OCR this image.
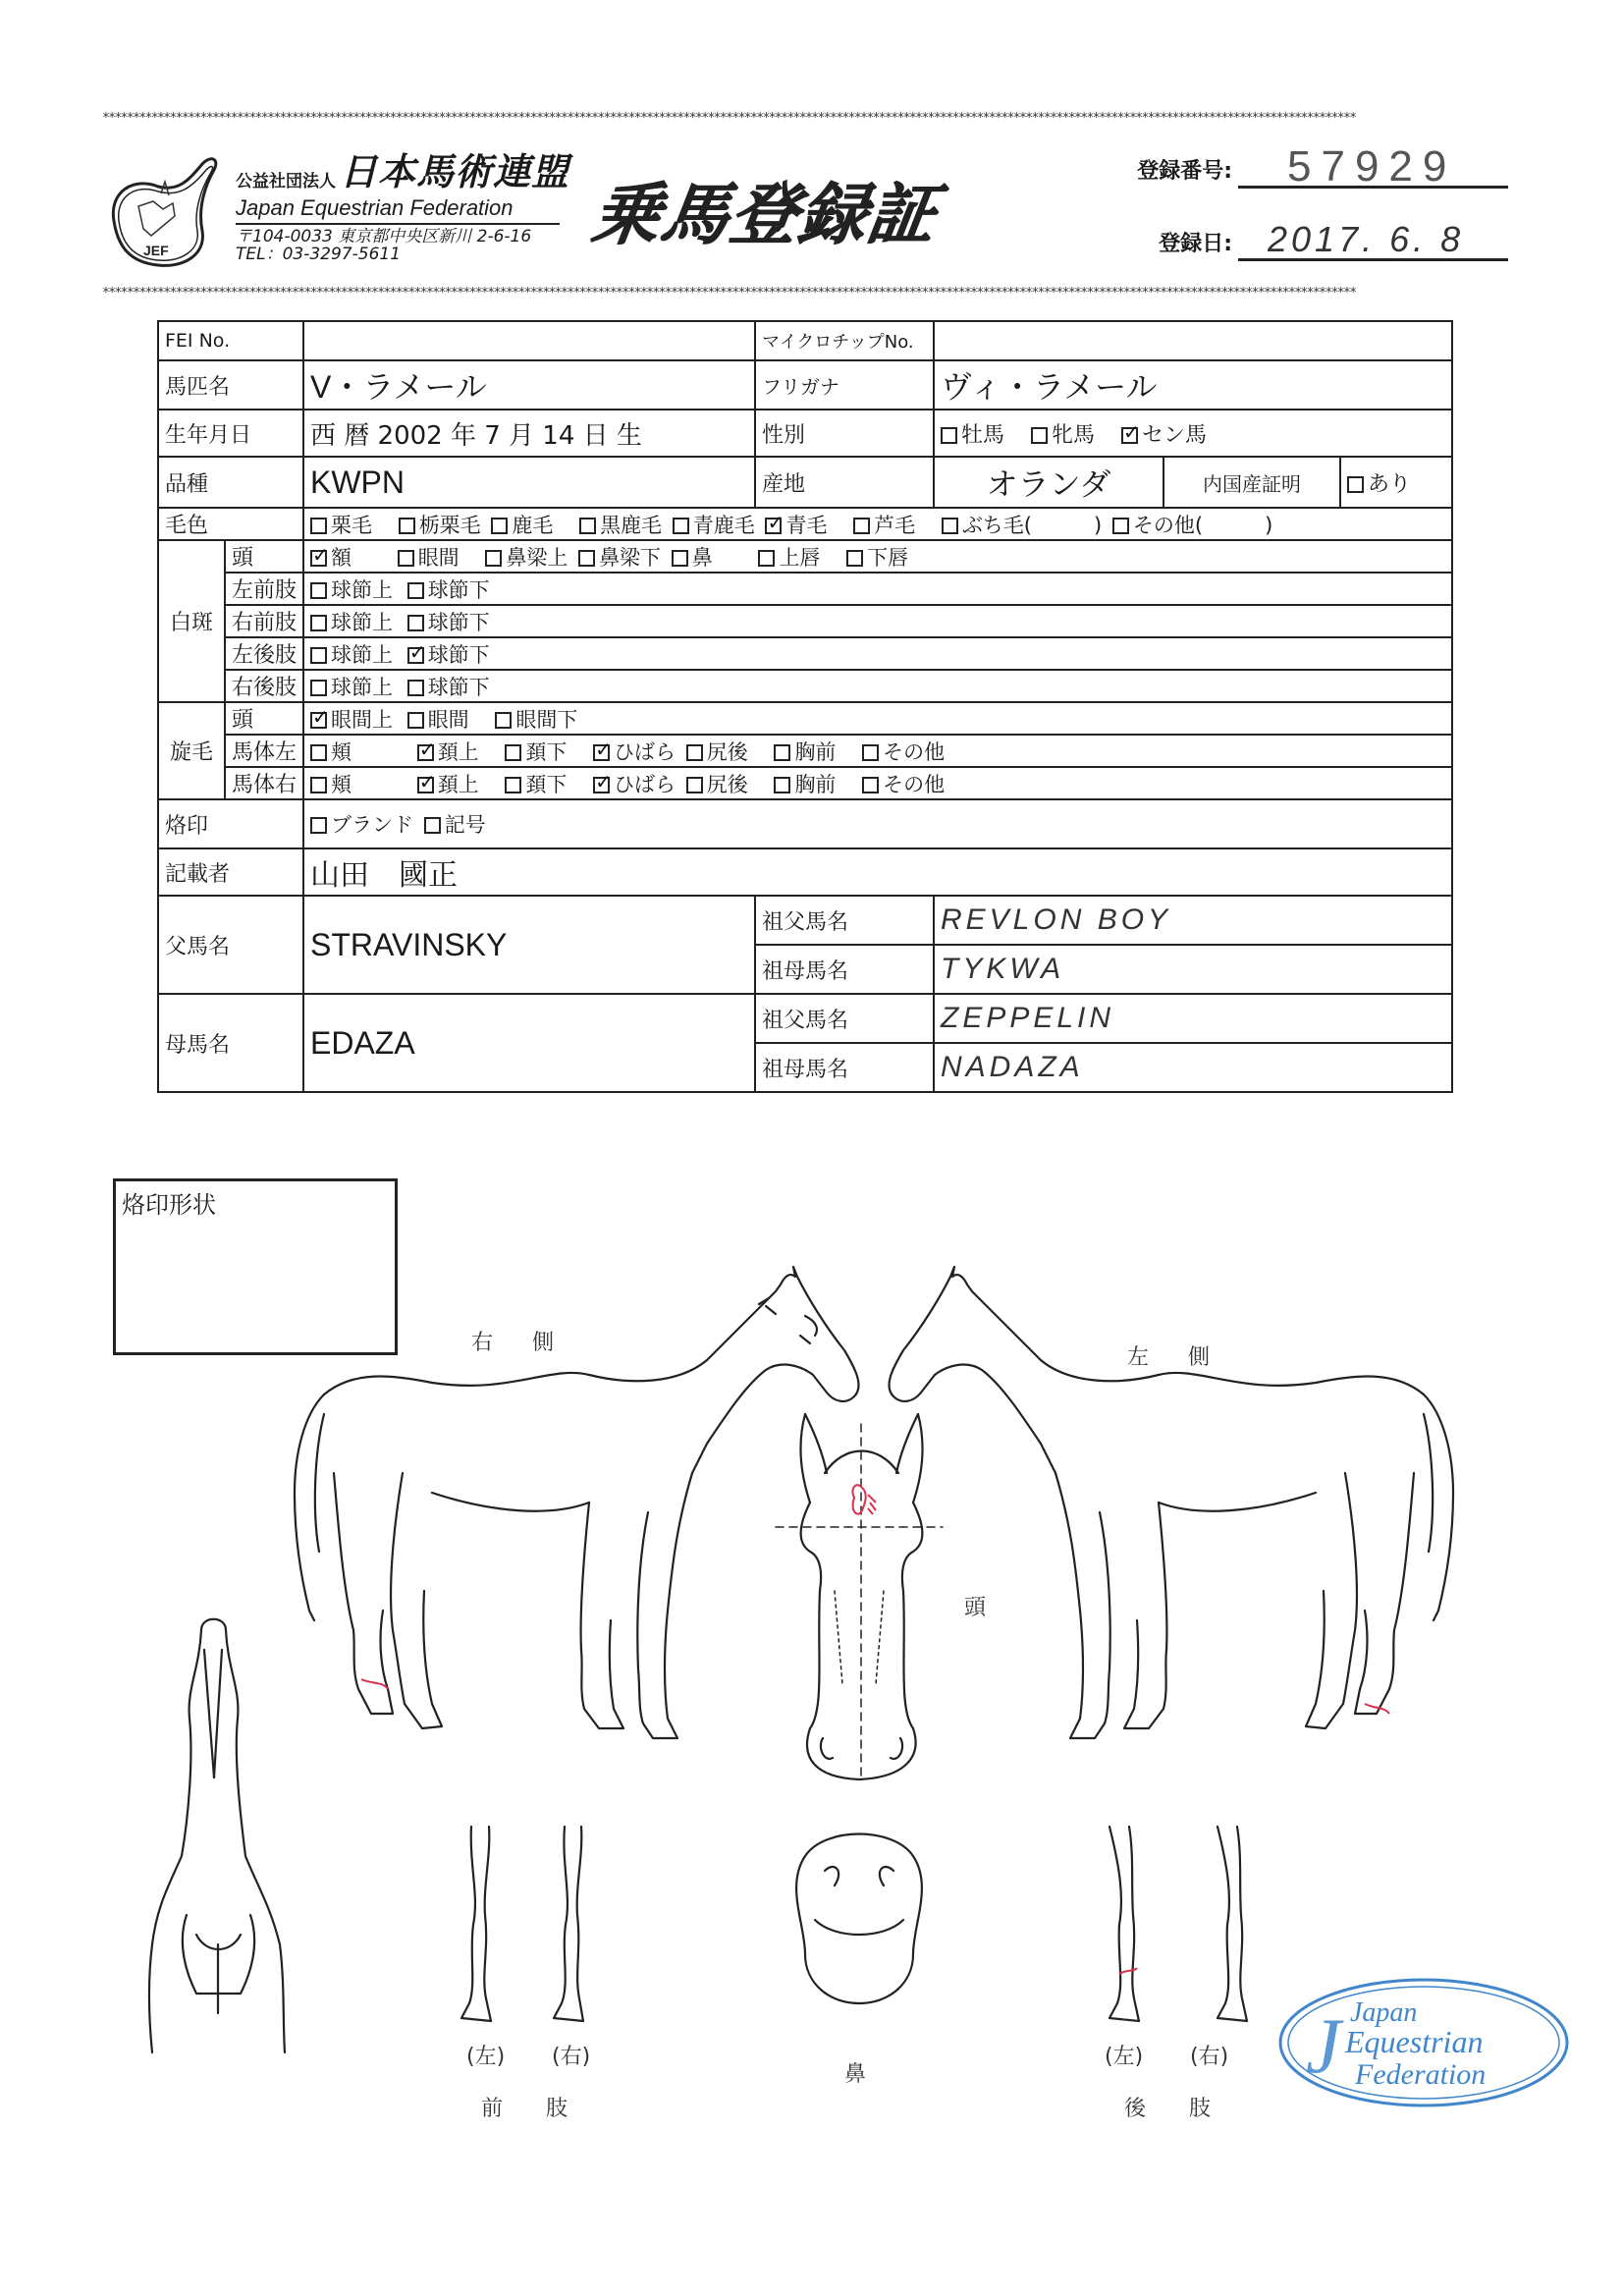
*************************************************************************************************************************************************************************************************************
*************************************************************************************************************************************************************************************************************
JEF
公益社団法人 日本馬術連盟
Japan Equestrian Federation
〒104-0033 東京都中央区新川 2-6-16
TEL：03-3297-5611	乗馬登録証
登録番号:	57929
登録日:	2017. 6. 8
FEI No.			マイクロチップNo.			
馬匹名		V・ラメール	フリガナ	ヴィ・ラメール		
生年月日		西 暦 2002 年 7 月 14 日 生	性別	牡馬 牝馬 ✓ セン馬
品種		KWPN	産地	オランダ	内国産証明	あり
毛色		栗毛 栃栗毛 鹿毛 黒鹿毛 青鹿毛 ✓ 青毛 芦毛 ぶち毛(　　　) その他(　　　)
白斑	頭	✓額 眼間 鼻梁上 鼻梁下 鼻 上唇 下唇
	左前肢	球節上 球節下				
	右前肢	球節上 球節下				
	左後肢	球節上 ✓ 球節下
	右後肢	球節上 球節下				
旋毛	頭	✓眼間上 眼間 眼間下
	馬体左	頬 ✓ 頚上 頚下 ✓ ひばら 尻後 胸前 その他
	馬体右	頬 ✓ 頚上 頚下 ✓ ひばら 尻後 胸前 その他
烙印		ブランド 記号				
記載者		山田　國正				
父馬名		STRAVINSKY	祖父馬名	REVLON BOY		
			祖母馬名	TYKWA		
母馬名		EDAZA	祖父馬名	ZEPPELIN		
			祖母馬名	NADAZA		
烙印形状
右側
左側
頭
(左) (右)
前　　肢
鼻
(左) (右)
後　　肢
J Japan
Equestrian
Federation
